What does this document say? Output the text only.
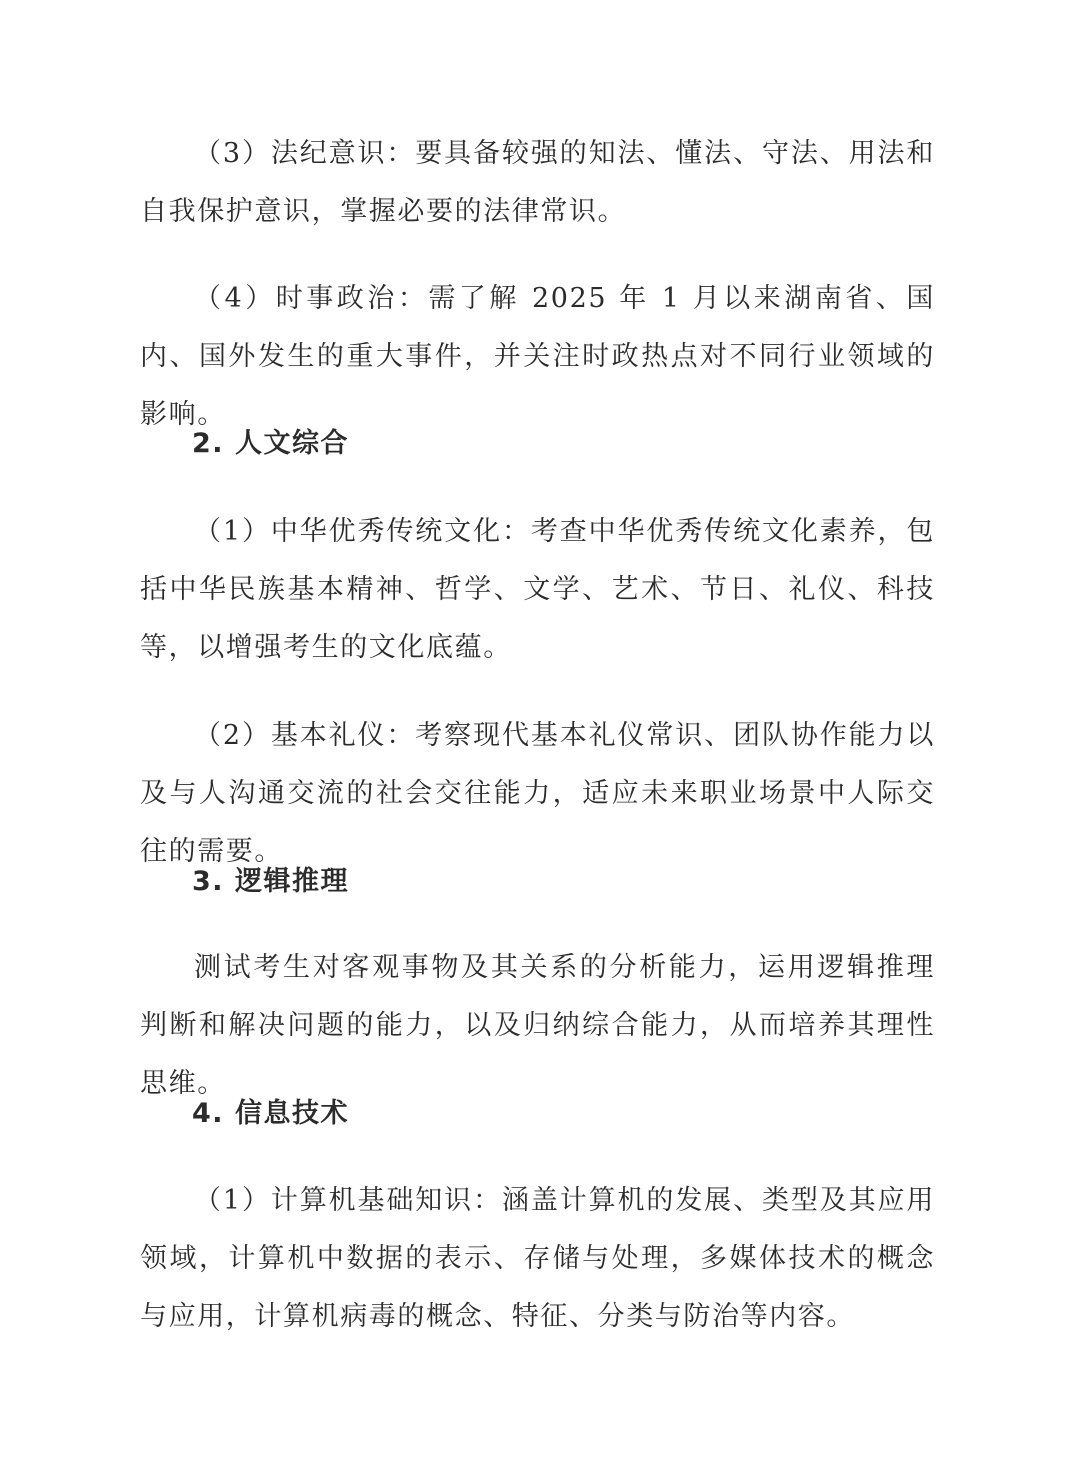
（3）法纪意识：要具备较强的知法、懂法、守法、用法和自我保护意识，掌握必要的法律常识。

（4）时事政治：需了解 2025 年 1 月以来湖南省、国内、国外发生的重大事件，并关注时政热点对不同行业领域的影响。

2. 人文综合

（1）中华优秀传统文化：考查中华优秀传统文化素养，包括中华民族基本精神、哲学、文学、艺术、节日、礼仪、科技等，以增强考生的文化底蕴。

（2）基本礼仪：考察现代基本礼仪常识、团队协作能力以及与人沟通交流的社会交往能力，适应未来职业场景中人际交往的需要。

3. 逻辑推理

测试考生对客观事物及其关系的分析能力，运用逻辑推理判断和解决问题的能力，以及归纳综合能力，从而培养其理性思维。

4. 信息技术

（1）计算机基础知识：涵盖计算机的发展、类型及其应用领域，计算机中数据的表示、存储与处理，多媒体技术的概念与应用，计算机病毒的概念、特征、分类与防治等内容。
